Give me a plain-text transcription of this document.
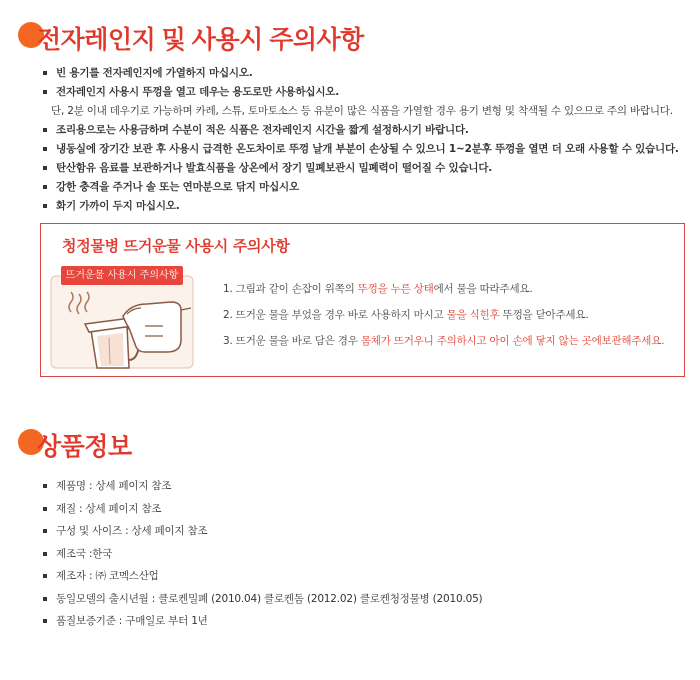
전자레인지 및 사용시 주의사항
빈 용기를 전자레인지에 가열하지 마십시오.
전자레인지 사용시 뚜껑을 열고 데우는 용도로만 사용하십시오.
단, 2분 이내 데우기로 가능하며 카레, 스튜, 토마토소스 등 유분이 많은 식품을 가열할 경우 용기 변형 및 착색될 수 있으므로 주의 바랍니다.
조리용으로는 사용금하며 수분이 적은 식품은 전자레인지 시간을 짧게 설정하시기 바랍니다.
냉동실에 장기간 보관 후 사용시 급격한 온도차이로 뚜껑 날개 부분이 손상될 수 있으니 1~2분후 뚜껑을 열면 더 오래 사용할 수 있습니다.
탄산함유 음료를 보관하거나 발효식품을 상온에서 장기 밀폐보관시 밀폐력이 떨어질 수 있습니다.
강한 충격을 주거나 솔 또는 연마분으로 닦지 마십시오
화기 가까이 두지 마십시오.
청정물병 뜨거운물 사용시 주의사항
뜨거운물 사용시 주의사항
1. 그림과 같이 손잡이 위쪽의 뚜껑을 누른 상태에서 물을 따라주세요.
2. 뜨거운 물을 부었을 경우 바로 사용하지 마시고 물을 식힌후 뚜껑을 닫아주세요.
3. 뜨거운 물을 바로 담은 경우 몸체가 뜨거우니 주의하시고 아이 손에 닿지 않는 곳에보관해주세요.
상품정보
제품명 : 상세 페이지 참조
재질 : 상세 페이지 참조
구성 및 사이즈 : 상세 페이지 참조
제조국 :한국
제조자 : ㈜ 코멕스산업
동일모델의 출시년월 : 클로켄밀폐 (2010.04) 클로켄돔 (2012.02) 클로켄청정물병 (2010.05)
품질보증기준 : 구매일로 부터 1년
